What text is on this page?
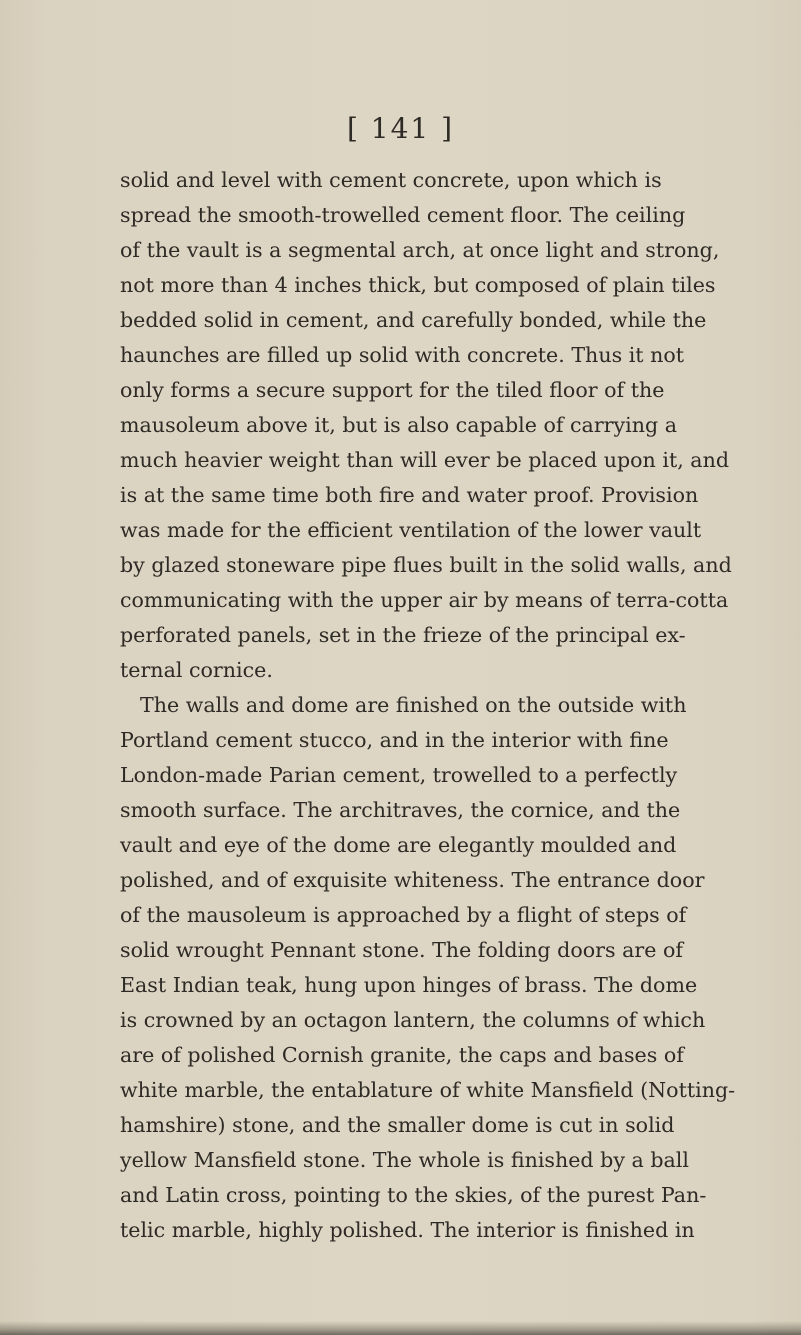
[ 141 ]
solid and level with cement concrete, upon which is
spread the smooth-trowelled cement floor. The ceiling
of the vault is a segmental arch, at once light and strong,
not more than 4 inches thick, but composed of plain tiles
bedded solid in cement, and carefully bonded, while the
haunches are filled up solid with concrete. Thus it not
only forms a secure support for the tiled floor of the
mausoleum above it, but is also capable of carrying a
much heavier weight than will ever be placed upon it, and
is at the same time both fire and water proof. Provision
was made for the efficient ventilation of the lower vault
by glazed stoneware pipe flues built in the solid walls, and
communicating with the upper air by means of terra-cotta
perforated panels, set in the frieze of the principal ex-
ternal cornice.
The walls and dome are finished on the outside with
Portland cement stucco, and in the interior with fine
London-made Parian cement, trowelled to a perfectly
smooth surface. The architraves, the cornice, and the
vault and eye of the dome are elegantly moulded and
polished, and of exquisite whiteness. The entrance door
of the mausoleum is approached by a flight of steps of
solid wrought Pennant stone. The folding doors are of
East Indian teak, hung upon hinges of brass. The dome
is crowned by an octagon lantern, the columns of which
are of polished Cornish granite, the caps and bases of
white marble, the entablature of white Mansfield (Notting-
hamshire) stone, and the smaller dome is cut in solid
yellow Mansfield stone. The whole is finished by a ball
and Latin cross, pointing to the skies, of the purest Pan-
telic marble, highly polished. The interior is finished in
